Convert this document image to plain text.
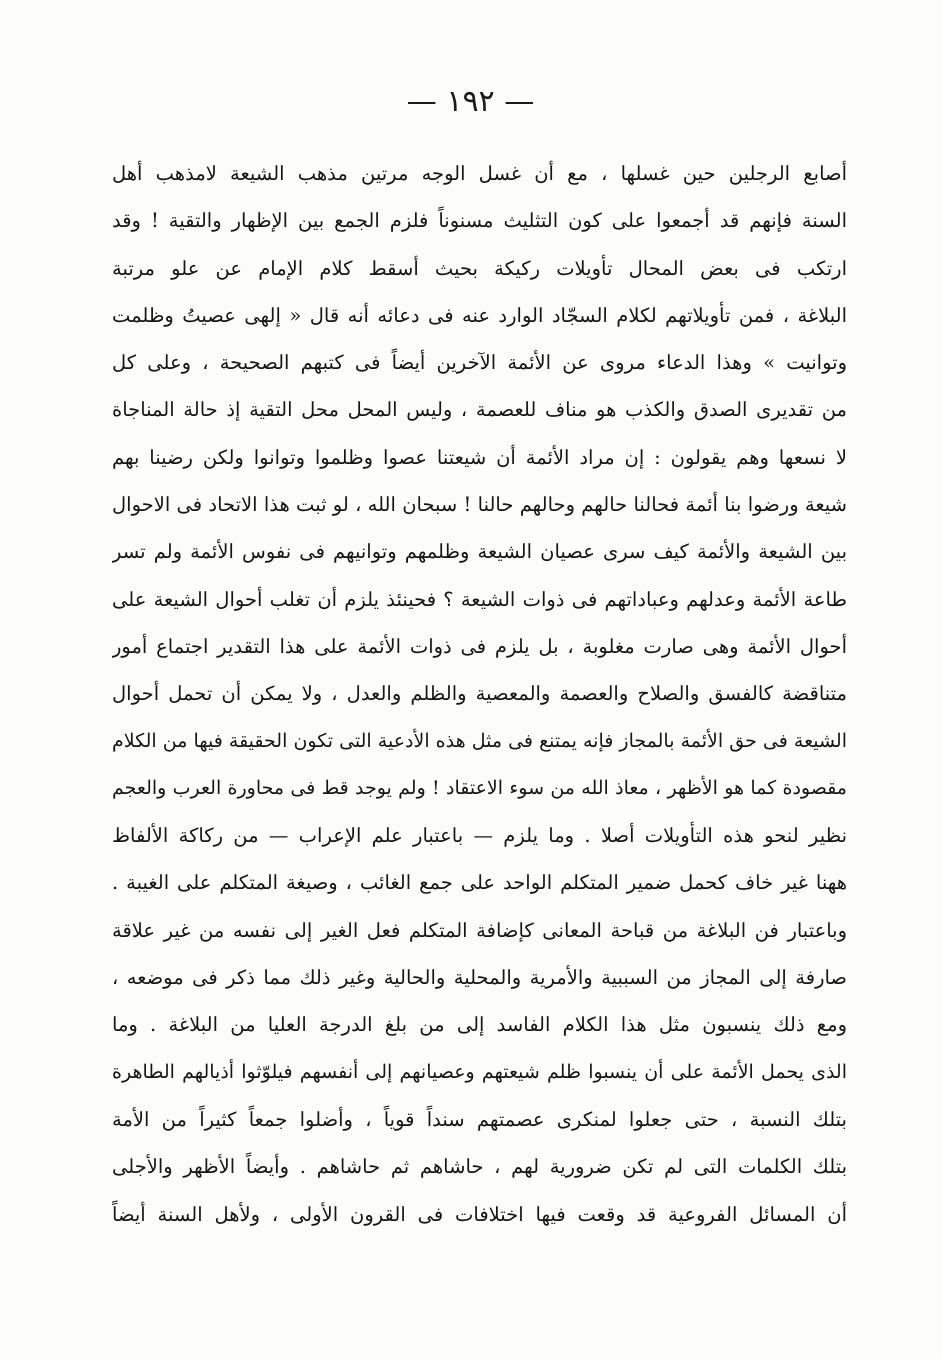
— ١٩٢ —
أصابع الرجلين حين غسلها ، مع أن غسل الوجه مرتين مذهب الشيعة لامذهب أهل
السنة فإنهم قد أجمعوا على كون التثليث مسنوناً فلزم الجمع بين الإظهار والتقية ! وقد
ارتكب فى بعض المحال تأويلات ركيكة بحيث أسقط كلام الإمام عن علو مرتبة
البلاغة ، فمن تأويلاتهم لكلام السجّاد الوارد عنه فى دعائه أنه قال « إلهى عصيتُ وظلمت
وتوانيت » وهذا الدعاء مروى عن الأئمة الآخرين أيضاً فى كتبهم الصحيحة ، وعلى كل
من تقديرى الصدق والكذب هو مناف للعصمة ، وليس المحل محل التقية إذ حالة المناجاة
لا نسعها وهم يقولون : إن مراد الأئمة أن شيعتنا عصوا وظلموا وتوانوا ولكن رضينا بهم
شيعة ورضوا بنا أئمة فحالنا حالهم وحالهم حالنا ! سبحان الله ، لو ثبت هذا الاتحاد فى الاحوال
بين الشيعة والأئمة كيف سرى عصيان الشيعة وظلمهم وتوانيهم فى نفوس الأئمة ولم تسر
طاعة الأئمة وعدلهم وعباداتهم فى ذوات الشيعة ؟ فحينئذ يلزم أن تغلب أحوال الشيعة على
أحوال الأئمة وهى صارت مغلوبة ، بل يلزم فى ذوات الأئمة على هذا التقدير اجتماع أمور
متناقضة كالفسق والصلاح والعصمة والمعصية والظلم والعدل ، ولا يمكن أن تحمل أحوال
الشيعة فى حق الأئمة بالمجاز فإنه يمتنع فى مثل هذه الأدعية التى تكون الحقيقة فيها من الكلام
مقصودة كما هو الأظهر ، معاذ الله من سوء الاعتقاد ! ولم يوجد قط فى محاورة العرب والعجم
نظير لنحو هذه التأويلات أصلا . وما يلزم — باعتبار علم الإعراب — من ركاكة الألفاظ
ههنا غير خاف كحمل ضمير المتكلم الواحد على جمع الغائب ، وصيغة المتكلم على الغيبة .
وباعتبار فن البلاغة من قباحة المعانى كإضافة المتكلم فعل الغير إلى نفسه من غير علاقة
صارفة إلى المجاز من السببية والأمرية والمحلية والحالية وغير ذلك مما ذكر فى موضعه ،
ومع ذلك ينسبون مثل هذا الكلام الفاسد إلى من بلغ الدرجة العليا من البلاغة . وما
الذى يحمل الأئمة على أن ينسبوا ظلم شيعتهم وعصيانهم إلى أنفسهم فيلوّثوا أذيالهم الطاهرة
بتلك النسبة ، حتى جعلوا لمنكرى عصمتهم سنداً قوياً ، وأضلوا جمعاً كثيراً من الأمة
بتلك الكلمات التى لم تكن ضرورية لهم ، حاشاهم ثم حاشاهم . وأيضاً الأظهر والأجلى
أن المسائل الفروعية قد وقعت فيها اختلافات فى القرون الأولى ، ولأهل السنة أيضاً
